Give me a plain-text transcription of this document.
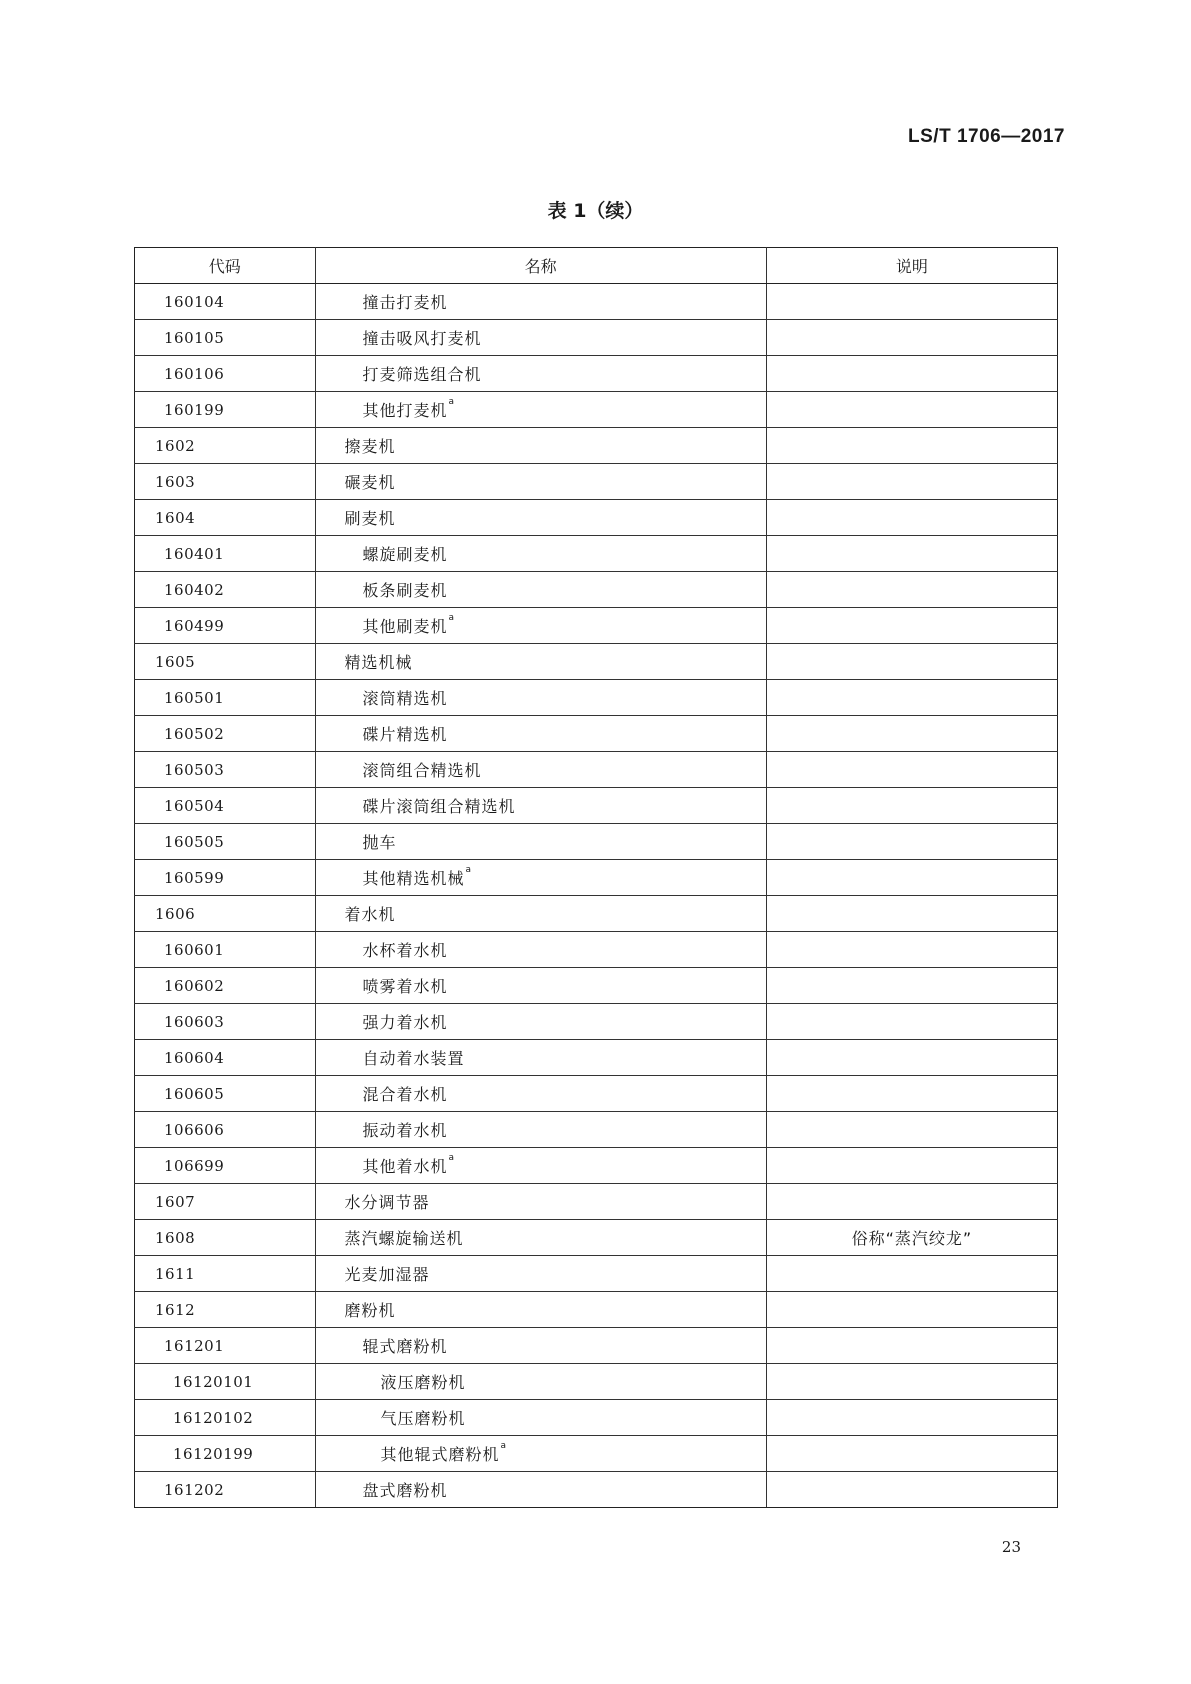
LS/T 1706—2017
表 1（续）
代码	名称	说明
160104	撞击打麦机	
160105	撞击吸风打麦机	
160106	打麦筛选组合机	
160199	其他打麦机$^a$	
1602	擦麦机	
1603	碾麦机	
1604	刷麦机	
160401	螺旋刷麦机	
160402	板条刷麦机	
160499	其他刷麦机$^a$	
1605	精选机械	
160501	滚筒精选机	
160502	碟片精选机	
160503	滚筒组合精选机	
160504	碟片滚筒组合精选机	
160505	抛车	
160599	其他精选机械$^a$	
1606	着水机	
160601	水杯着水机	
160602	喷雾着水机	
160603	强力着水机	
160604	自动着水装置	
160605	混合着水机	
106606	振动着水机	
106699	其他着水机$^a$	
1607	水分调节器	
1608	蒸汽螺旋输送机	俗称“蒸汽绞龙”
1611	光麦加湿器	
1612	磨粉机	
161201	辊式磨粉机	
16120101	液压磨粉机	
16120102	气压磨粉机	
16120199	其他辊式磨粉机$^a$	
161202	盘式磨粉机	
23
